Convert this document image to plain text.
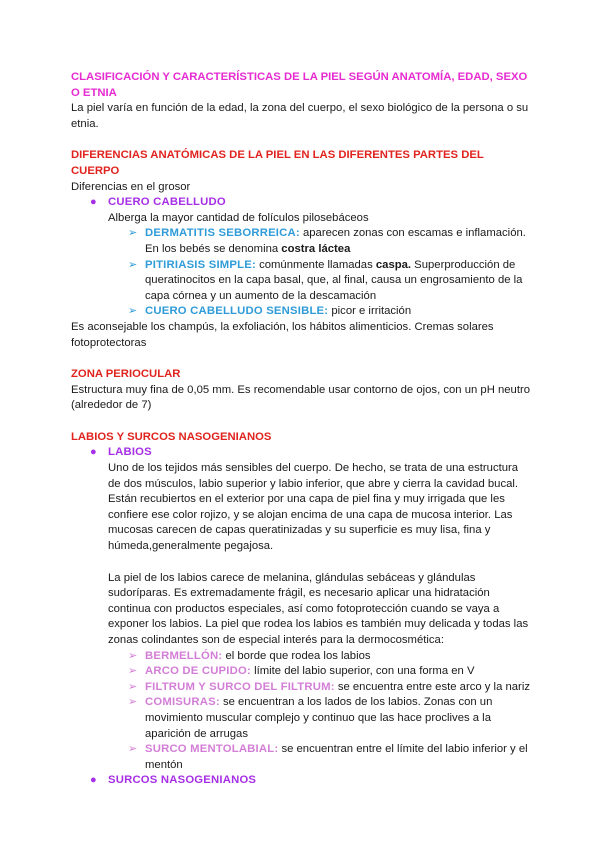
CLASIFICACIÓN Y CARACTERÍSTICAS DE LA PIEL SEGÚN ANATOMÍA, EDAD, SEXO O ETNIA

La piel varía en función de la edad, la zona del cuerpo, el sexo biológico de la persona o su etnia.

DIFERENCIAS ANATÓMICAS DE LA PIEL EN LAS DIFERENTES PARTES DEL CUERPO

Diferencias en el grosor

● CUERO CABELLUDO

Alberga la mayor cantidad de folículos pilosebáceos

➢ DERMATITIS SEBORREICA: aparecen zonas con escamas e inflamación. En los bebés se denomina costra láctea

➢ PITIRIASIS SIMPLE: comúnmente llamadas caspa. Superproducción de queratinocitos en la capa basal, que, al final, causa un engrosamiento de la capa córnea y un aumento de la descamación

➢ CUERO CABELLUDO SENSIBLE: picor e irritación

Es aconsejable los champús, la exfoliación, los hábitos alimenticios. Cremas solares fotoprotectoras

ZONA PERIOCULAR

Estructura muy fina de 0,05 mm. Es recomendable usar contorno de ojos, con un pH neutro (alrededor de 7)

LABIOS Y SURCOS NASOGENIANOS

● LABIOS

Uno de los tejidos más sensibles del cuerpo. De hecho, se trata de una estructura de dos músculos, labio superior y labio inferior, que abre y cierra la cavidad bucal. Están recubiertos en el exterior por una capa de piel fina y muy irrigada que les confiere ese color rojizo, y se alojan encima de una capa de mucosa interior. Las mucosas carecen de capas queratinizadas y su superficie es muy lisa, fina y húmeda,generalmente pegajosa.

La piel de los labios carece de melanina, glándulas sebáceas y glándulas sudoríparas. Es extremadamente frágil, es necesario aplicar una hidratación continua con productos especiales, así como fotoprotección cuando se vaya a exponer los labios. La piel que rodea los labios es también muy delicada y todas las zonas colindantes son de especial interés para la dermocosmética:

➢ BERMELLÓN: el borde que rodea los labios

➢ ARCO DE CUPIDO: límite del labio superior, con una forma en V

➢ FILTRUM Y SURCO DEL FILTRUM: se encuentra entre este arco y la nariz

➢ COMISURAS: se encuentran a los lados de los labios. Zonas con un movimiento muscular complejo y continuo que las hace proclives a la aparición de arrugas

➢ SURCO MENTOLABIAL: se encuentran entre el límite del labio inferior y el mentón

● SURCOS NASOGENIANOS
